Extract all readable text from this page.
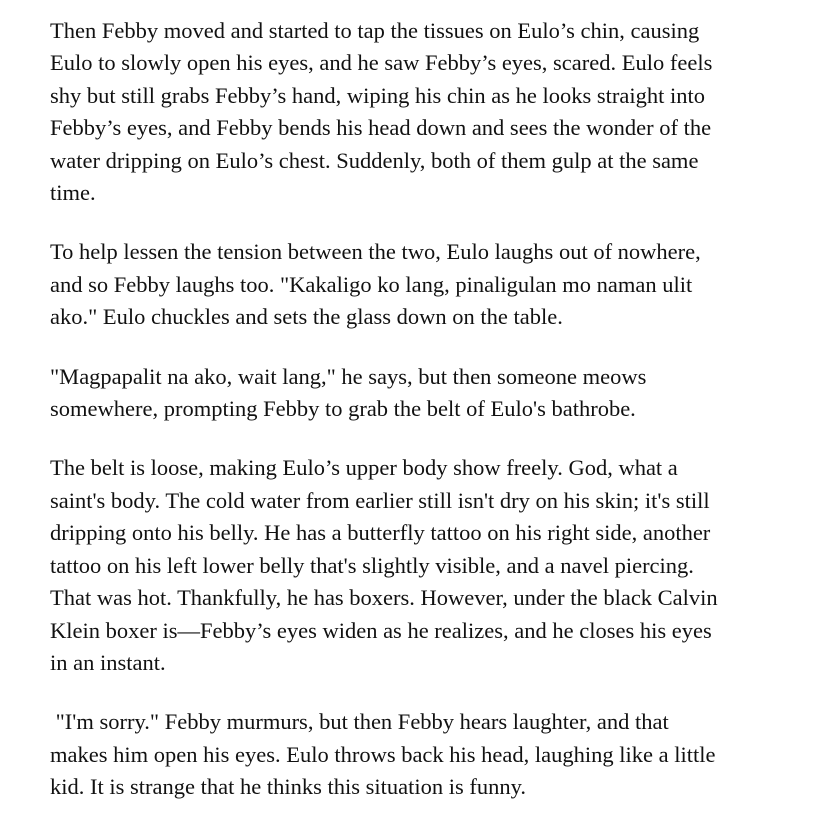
Then Febby moved and started to tap the tissues on Eulo’s chin, causing
Eulo to slowly open his eyes, and he saw Febby’s eyes, scared. Eulo feels
shy but still grabs Febby’s hand, wiping his chin as he looks straight into
Febby’s eyes, and Febby bends his head down and sees the wonder of the
water dripping on Eulo’s chest. Suddenly, both of them gulp at the same
time.
To help lessen the tension between the two, Eulo laughs out of nowhere,
and so Febby laughs too. "Kakaligo ko lang, pinaligulan mo naman ulit
ako." Eulo chuckles and sets the glass down on the table.
"Magpapalit na ako, wait lang," he says, but then someone meows
somewhere, prompting Febby to grab the belt of Eulo's bathrobe.
The belt is loose, making Eulo’s upper body show freely. God, what a
saint's body. The cold water from earlier still isn't dry on his skin; it's still
dripping onto his belly. He has a butterfly tattoo on his right side, another
tattoo on his left lower belly that's slightly visible, and a navel piercing.
That was hot. Thankfully, he has boxers. However, under the black Calvin
Klein boxer is—Febby’s eyes widen as he realizes, and he closes his eyes
in an instant.
"I'm sorry." Febby murmurs, but then Febby hears laughter, and that
makes him open his eyes. Eulo throws back his head, laughing like a little
kid. It is strange that he thinks this situation is funny.
